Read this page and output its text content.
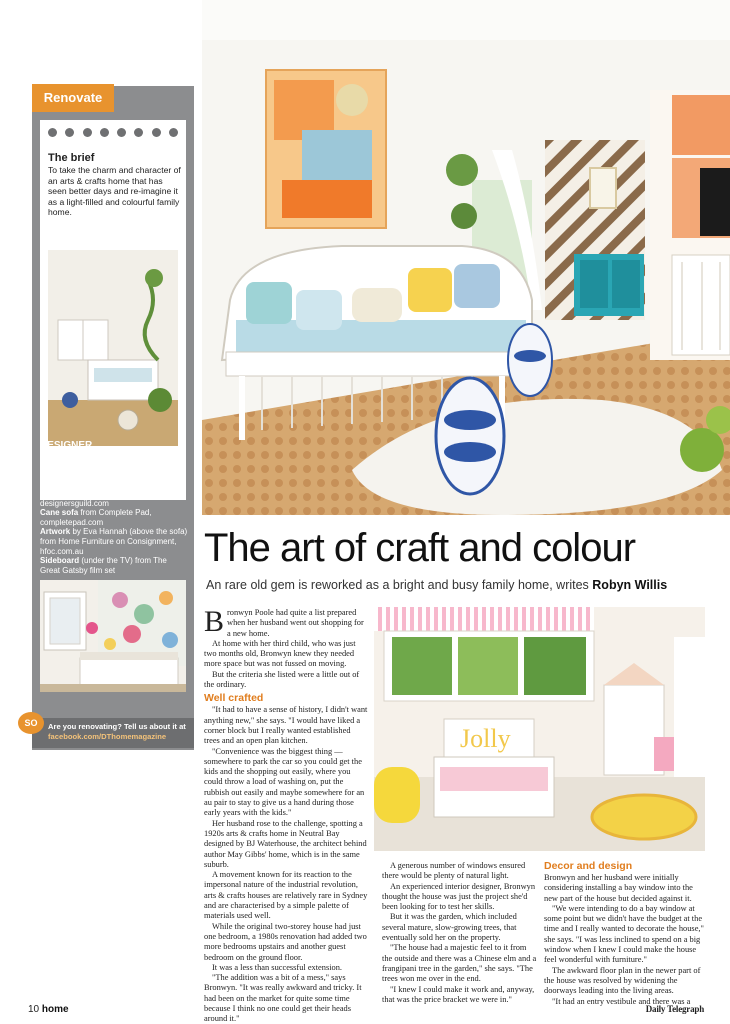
Renovate
The brief
To take the charm and character of an arts & crafts home that has seen better days and re-imagine it as a light-filled and colourful family home.
DESIGNER
Bronwyn Poole, Touch Interiors
touchinteriors.com
THE SOURCE
Entry wallpaper from Designers Guild, designersguild.com
Cane sofa from Complete Pad, completepad.com
Artwork by Eva Hannah (above the sofa) from Home Furniture on Consignment, hfoc.com.au
Sideboard (under the TV) from The Great Gatsby film set
SO	Are you renovating? Tell us about it at
facebook.com/DThomemagazine
The art of craft and colour
An rare old gem is reworked as a bright and busy family home, writes Robyn Willis

Bronwyn Poole had quite a list prepared when her husband went out shopping for a new home.

At home with her third child, who was just two months old, Bronwyn knew they needed more space but was not fussed on moving.

But the criteria she listed were a little out of the ordinary.

Well crafted

"It had to have a sense of history, I didn't want anything new," she says. "I would have liked a corner block but I really wanted established trees and an open plan kitchen.

"Convenience was the biggest thing — somewhere to park the car so you could get the kids and the shopping out easily, where you could throw a load of washing on, put the rubbish out easily and maybe somewhere for an au pair to stay to give us a hand during those early years with the kids."

Her husband rose to the challenge, spotting a 1920s arts & crafts home in Neutral Bay designed by BJ Waterhouse, the architect behind author May Gibbs' home, which is in the same suburb.

A movement known for its reaction to the impersonal nature of the industrial revolution, arts & crafts houses are relatively rare in Sydney and are characterised by a simple palette of materials used well.

While the original two-storey house had just one bedroom, a 1980s renovation had added two more bedrooms upstairs and another guest bedroom on the ground floor.

It was a less than successful extension.

"The addition was a bit of a mess," says Bronwyn. "It was really awkward and tricky. It had been on the market for quite some time because I think no one could get their heads around it."

Jolly

A generous number of windows ensured there would be plenty of natural light.

An experienced interior designer, Bronwyn thought the house was just the project she'd been looking for to test her skills.

But it was the garden, which included several mature, slow-growing trees, that eventually sold her on the property.

"The house had a majestic feel to it from the outside and there was a Chinese elm and a frangipani tree in the garden," she says. "The trees won me over in the end.

"I knew I could make it work and, anyway, that was the price bracket we were in."

Decor and design

Bronwyn and her husband were initially considering installing a bay window into the new part of the house but decided against it.

"We were intending to do a bay window at some point but we didn't have the budget at the time and I really wanted to decorate the house," she says. "I was less inclined to spend on a big window when I knew I could make the house feel wonderful with furniture."

The awkward floor plan in the newer part of the house was resolved by widening the doorways leading into the living areas.

"It had an entry vestibule and there was a

10 home	Daily Telegraph
